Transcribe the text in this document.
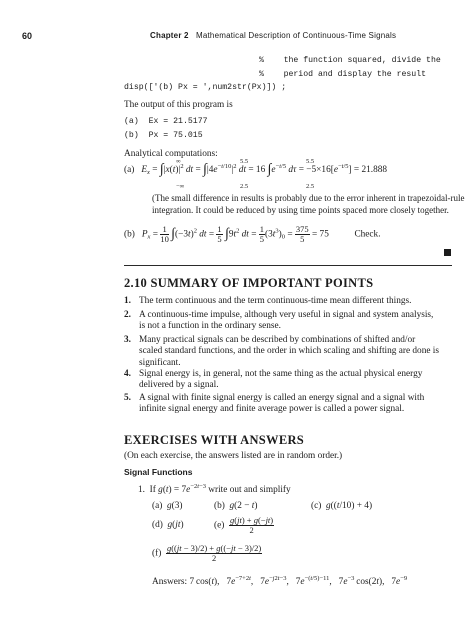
60	Chapter 2 Mathematical Description of Continuous-Time Signals
%    the function squared, divide the
%    period and display the result
disp(['(b) Px = ',num2str(Px)]) ;
The output of this program is
(a)  Ex = 21.5177
(b)  Px = 75.015
Analytical computations:
(a) $E_x = \int|x(t)|^2$ dt = $\int|4e^{-t/10}|^2$ dt = 16 $\int e^{-t/5}$ $d\tau = -5\times 16[e^{-t/5}] = 21.888$
∞
−∞
5.5
2.5
5.5
2.5
(The small difference in results is probably due to the error inherent in trapezoidal-rule
integration. It could be reduced by using time points spaced more closely together.
(b) $P_x = \frac{1}{10} \int(-3t)^2$ dt = $\frac{1}{5} \int 9t^2$ dt = $\frac{1}{5} (3t^3)_0 = \frac{375}{5} = 75$	Check.
2.10 SUMMARY OF IMPORTANT POINTS
1. The term continuous and the term continuous-time mean different things.
2. A continuous-time impulse, although very useful in signal and system analysis,
is not a function in the ordinary sense.
3. Many practical signals can be described by combinations of shifted and/or
scaled standard functions, and the order in which scaling and shifting are done is
significant.
4. Signal energy is, in general, not the same thing as the actual physical energy
delivered by a signal.
5. A signal with finite signal energy is called an energy signal and a signal with
infinite signal energy and finite average power is called a power signal.
EXERCISES WITH ANSWERS
(On each exercise, the answers listed are in random order.)
Signal Functions
1.  If $g(t) = 7e^{-2t-3}$ write out and simplify
(a) g(3)	(b) g(2 − t)	(c) g((t/10) + 4)
(d) g(jt)	$(e) \frac{g(jt) + g(-jt)}{2}$
$(f) \frac{g((jt - 3)/2) + g((-jt - 3)/2)}{2}$
Answers: 7 cos(t),   $7e^{-7+2t}$,   $7e^{-j2t-3}$,   $7e^{-(t/5)-11}$,   $7e^{-3}$ cos(2t),   $7e^{-9}$
